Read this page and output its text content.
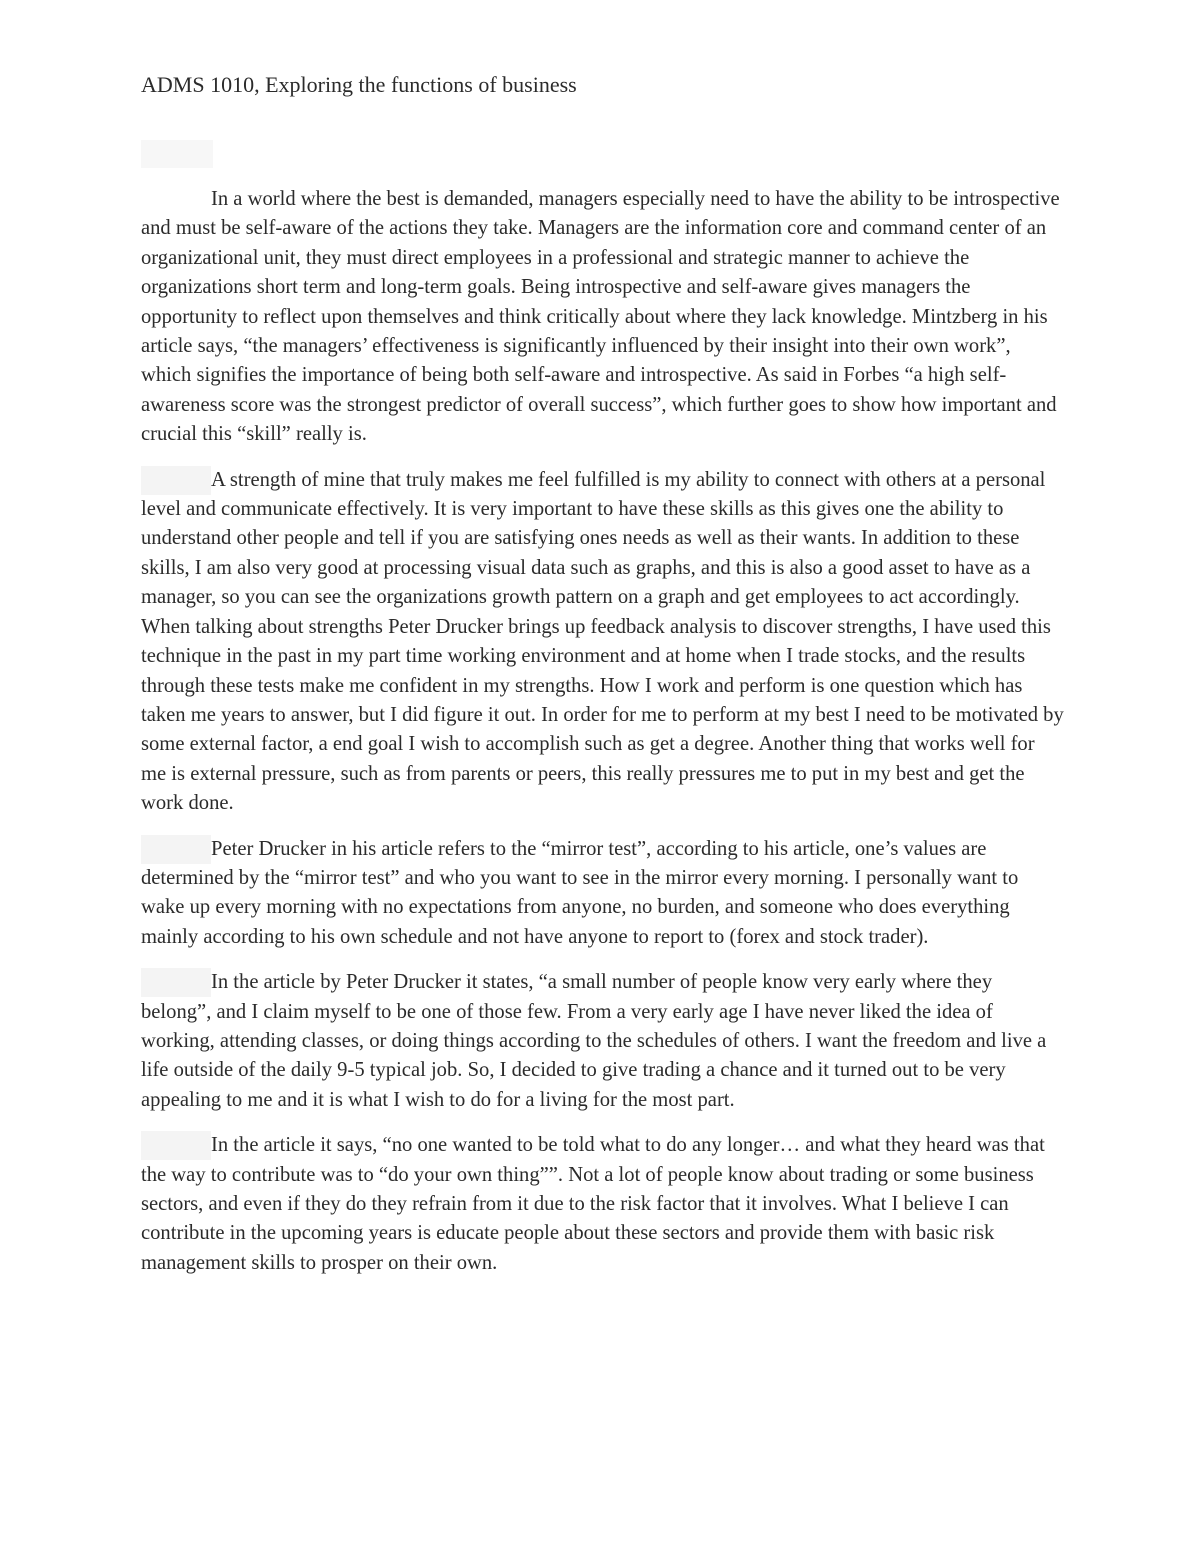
ADMS 1010, Exploring the functions of business

In a world where the best is demanded, managers especially need to have the ability to be introspective and must be self-aware of the actions they take. Managers are the information core and command center of an organizational unit, they must direct employees in a professional and strategic manner to achieve the organizations short term and long-term goals. Being introspective and self-aware gives managers the opportunity to reflect upon themselves and think critically about where they lack knowledge. Mintzberg in his article says, “the managers’ effectiveness is significantly influenced by their insight into their own work”, which signifies the importance of being both self-aware and introspective. As said in Forbes “a high self-awareness score was the strongest predictor of overall success”, which further goes to show how important and crucial this “skill” really is.

A strength of mine that truly makes me feel fulfilled is my ability to connect with others at a personal level and communicate effectively. It is very important to have these skills as this gives one the ability to understand other people and tell if you are satisfying ones needs as well as their wants. In addition to these skills, I am also very good at processing visual data such as graphs, and this is also a good asset to have as a manager, so you can see the organizations growth pattern on a graph and get employees to act accordingly. When talking about strengths Peter Drucker brings up feedback analysis to discover strengths, I have used this technique in the past in my part time working environment and at home when I trade stocks, and the results through these tests make me confident in my strengths. How I work and perform is one question which has taken me years to answer, but I did figure it out. In order for me to perform at my best I need to be motivated by some external factor, a end goal I wish to accomplish such as get a degree. Another thing that works well for me is external pressure, such as from parents or peers, this really pressures me to put in my best and get the work done.

Peter Drucker in his article refers to the “mirror test”, according to his article, one’s values are determined by the “mirror test” and who you want to see in the mirror every morning. I personally want to wake up every morning with no expectations from anyone, no burden, and someone who does everything mainly according to his own schedule and not have anyone to report to (forex and stock trader).

In the article by Peter Drucker it states, “a small number of people know very early where they belong”, and I claim myself to be one of those few. From a very early age I have never liked the idea of working, attending classes, or doing things according to the schedules of others. I want the freedom and live a life outside of the daily 9-5 typical job. So, I decided to give trading a chance and it turned out to be very appealing to me and it is what I wish to do for a living for the most part.

In the article it says, “no one wanted to be told what to do any longer… and what they heard was that the way to contribute was to “do your own thing””. Not a lot of people know about trading or some business sectors, and even if they do they refrain from it due to the risk factor that it involves. What I believe I can contribute in the upcoming years is educate people about these sectors and provide them with basic risk management skills to prosper on their own.
